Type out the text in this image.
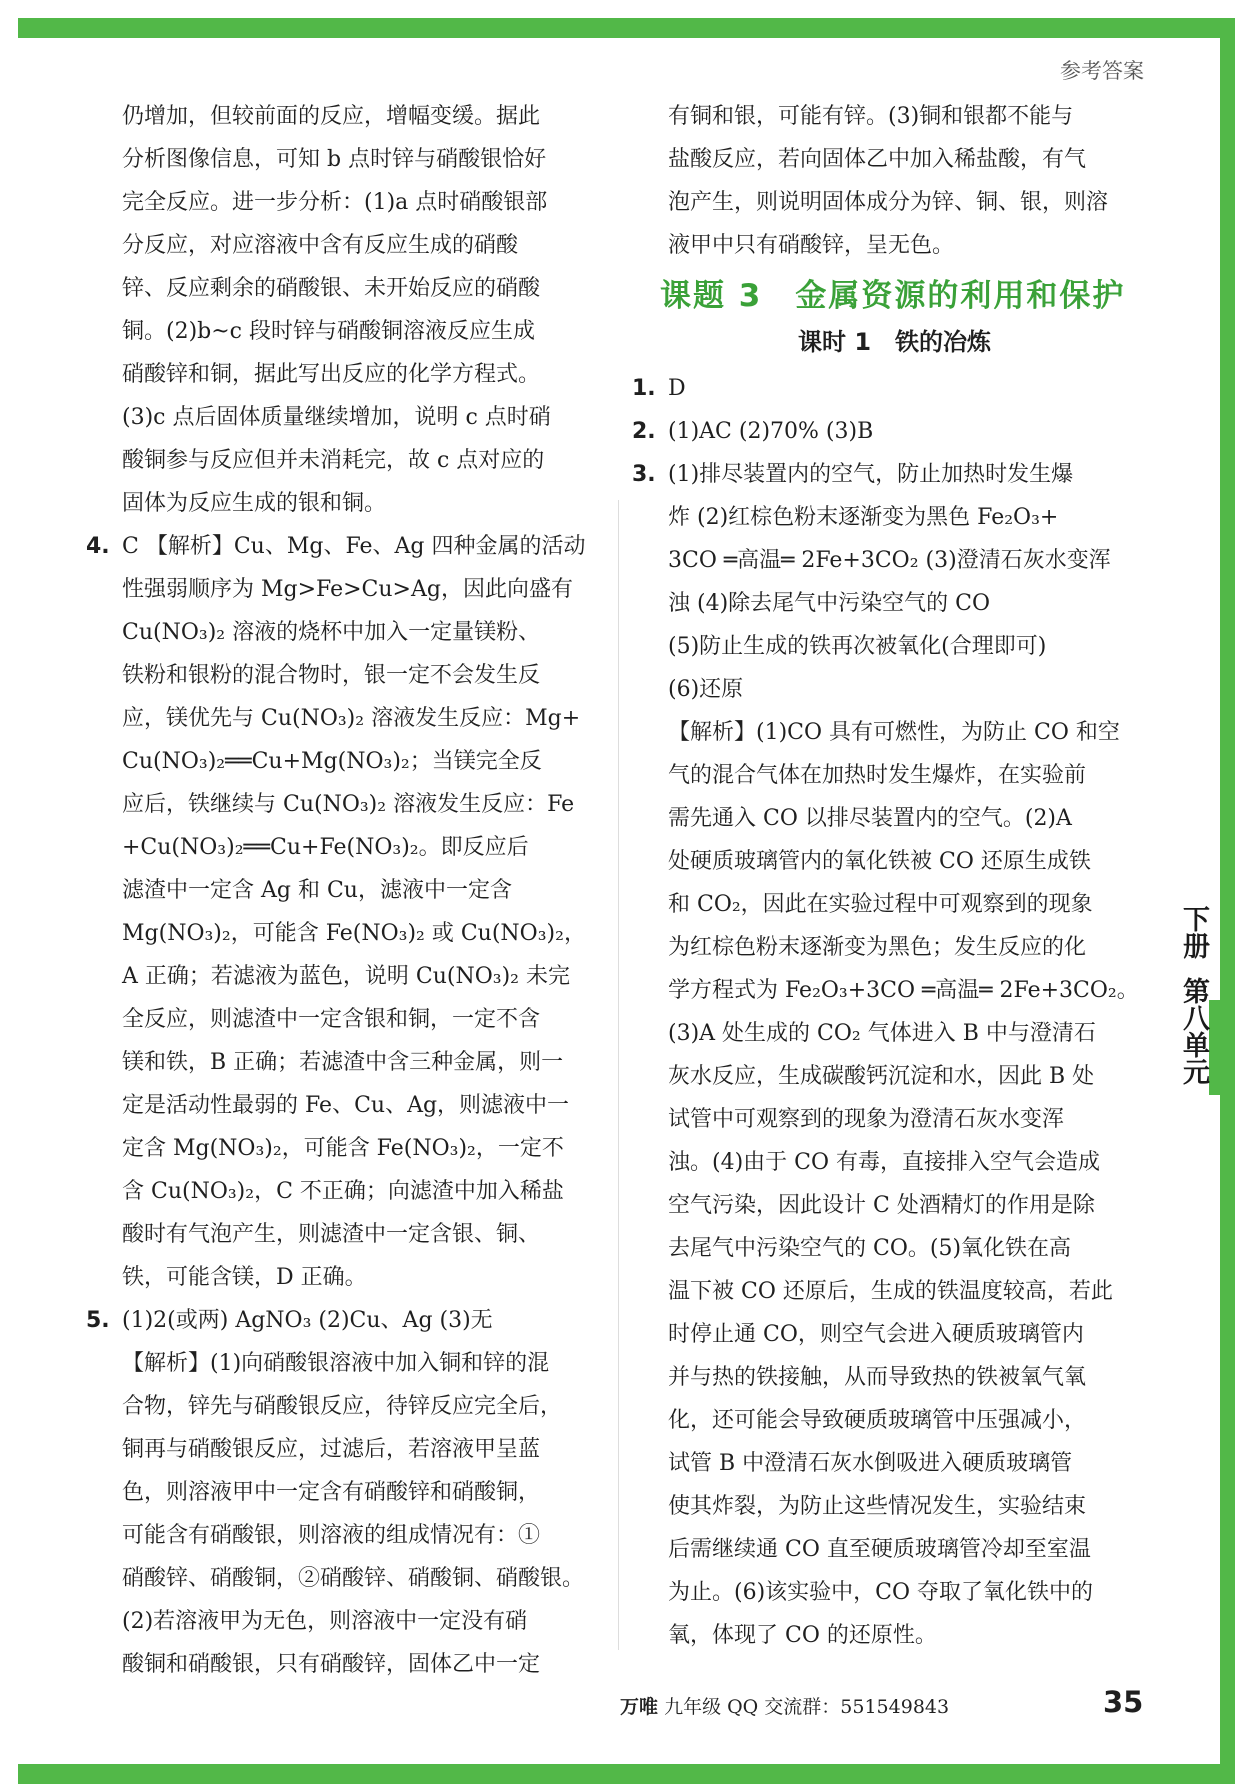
参考答案
下册
第八单元

仍增加，但较前面的反应，增幅变缓。据此

分析图像信息，可知 b 点时锌与硝酸银恰好

完全反应。进一步分析：(1)a 点时硝酸银部

分反应，对应溶液中含有反应生成的硝酸

锌、反应剩余的硝酸银、未开始反应的硝酸

铜。(2)b~c 段时锌与硝酸铜溶液反应生成

硝酸锌和铜，据此写出反应的化学方程式。

(3)c 点后固体质量继续增加，说明 c 点时硝

酸铜参与反应但并未消耗完，故 c 点对应的

固体为反应生成的银和铜。

4. C 【解析】Cu、Mg、Fe、Ag 四种金属的活动

性强弱顺序为 Mg>Fe>Cu>Ag，因此向盛有

Cu(NO₃)₂ 溶液的烧杯中加入一定量镁粉、

铁粉和银粉的混合物时，银一定不会发生反

应，镁优先与 Cu(NO₃)₂ 溶液发生反应：Mg+

Cu(NO₃)₂══Cu+Mg(NO₃)₂；当镁完全反

应后，铁继续与 Cu(NO₃)₂ 溶液发生反应：Fe

+Cu(NO₃)₂══Cu+Fe(NO₃)₂。即反应后

滤渣中一定含 Ag 和 Cu，滤液中一定含

Mg(NO₃)₂，可能含 Fe(NO₃)₂ 或 Cu(NO₃)₂，

A 正确；若滤液为蓝色，说明 Cu(NO₃)₂ 未完

全反应，则滤渣中一定含银和铜，一定不含

镁和铁，B 正确；若滤渣中含三种金属，则一

定是活动性最弱的 Fe、Cu、Ag，则滤液中一

定含 Mg(NO₃)₂，可能含 Fe(NO₃)₂，一定不

含 Cu(NO₃)₂，C 不正确；向滤渣中加入稀盐

酸时有气泡产生，则滤渣中一定含银、铜、

铁，可能含镁，D 正确。

5. (1)2(或两) AgNO₃ (2)Cu、Ag (3)无

【解析】(1)向硝酸银溶液中加入铜和锌的混

合物，锌先与硝酸银反应，待锌反应完全后，

铜再与硝酸银反应，过滤后，若溶液甲呈蓝

色，则溶液甲中一定含有硝酸锌和硝酸铜，

可能含有硝酸银，则溶液的组成情况有：①

硝酸锌、硝酸铜，②硝酸锌、硝酸铜、硝酸银。

(2)若溶液甲为无色，则溶液中一定没有硝

酸铜和硝酸银，只有硝酸锌，固体乙中一定

有铜和银，可能有锌。(3)铜和银都不能与

盐酸反应，若向固体乙中加入稀盐酸，有气

泡产生，则说明固体成分为锌、铜、银，则溶

液甲中只有硝酸锌，呈无色。

课题 3　金属资源的利用和保护
课时 1　铁的冶炼

1. D

2. (1)AC (2)70% (3)B

3. (1)排尽装置内的空气，防止加热时发生爆

炸 (2)红棕色粉末逐渐变为黑色 Fe₂O₃+

3CO ═高温═ 2Fe+3CO₂ (3)澄清石灰水变浑

浊 (4)除去尾气中污染空气的 CO

(5)防止生成的铁再次被氧化(合理即可)

(6)还原

【解析】(1)CO 具有可燃性，为防止 CO 和空

气的混合气体在加热时发生爆炸，在实验前

需先通入 CO 以排尽装置内的空气。(2)A

处硬质玻璃管内的氧化铁被 CO 还原生成铁

和 CO₂，因此在实验过程中可观察到的现象

为红棕色粉末逐渐变为黑色；发生反应的化

学方程式为 Fe₂O₃+3CO ═高温═ 2Fe+3CO₂。

(3)A 处生成的 CO₂ 气体进入 B 中与澄清石

灰水反应，生成碳酸钙沉淀和水，因此 B 处

试管中可观察到的现象为澄清石灰水变浑

浊。(4)由于 CO 有毒，直接排入空气会造成

空气污染，因此设计 C 处酒精灯的作用是除

去尾气中污染空气的 CO。(5)氧化铁在高

温下被 CO 还原后，生成的铁温度较高，若此

时停止通 CO，则空气会进入硬质玻璃管内

并与热的铁接触，从而导致热的铁被氧气氧

化，还可能会导致硬质玻璃管中压强减小，

试管 B 中澄清石灰水倒吸进入硬质玻璃管

使其炸裂，为防止这些情况发生，实验结束

后需继续通 CO 直至硬质玻璃管冷却至室温

为止。(6)该实验中，CO 夺取了氧化铁中的

氧，体现了 CO 的还原性。

万唯 九年级 QQ 交流群：551549843	35
